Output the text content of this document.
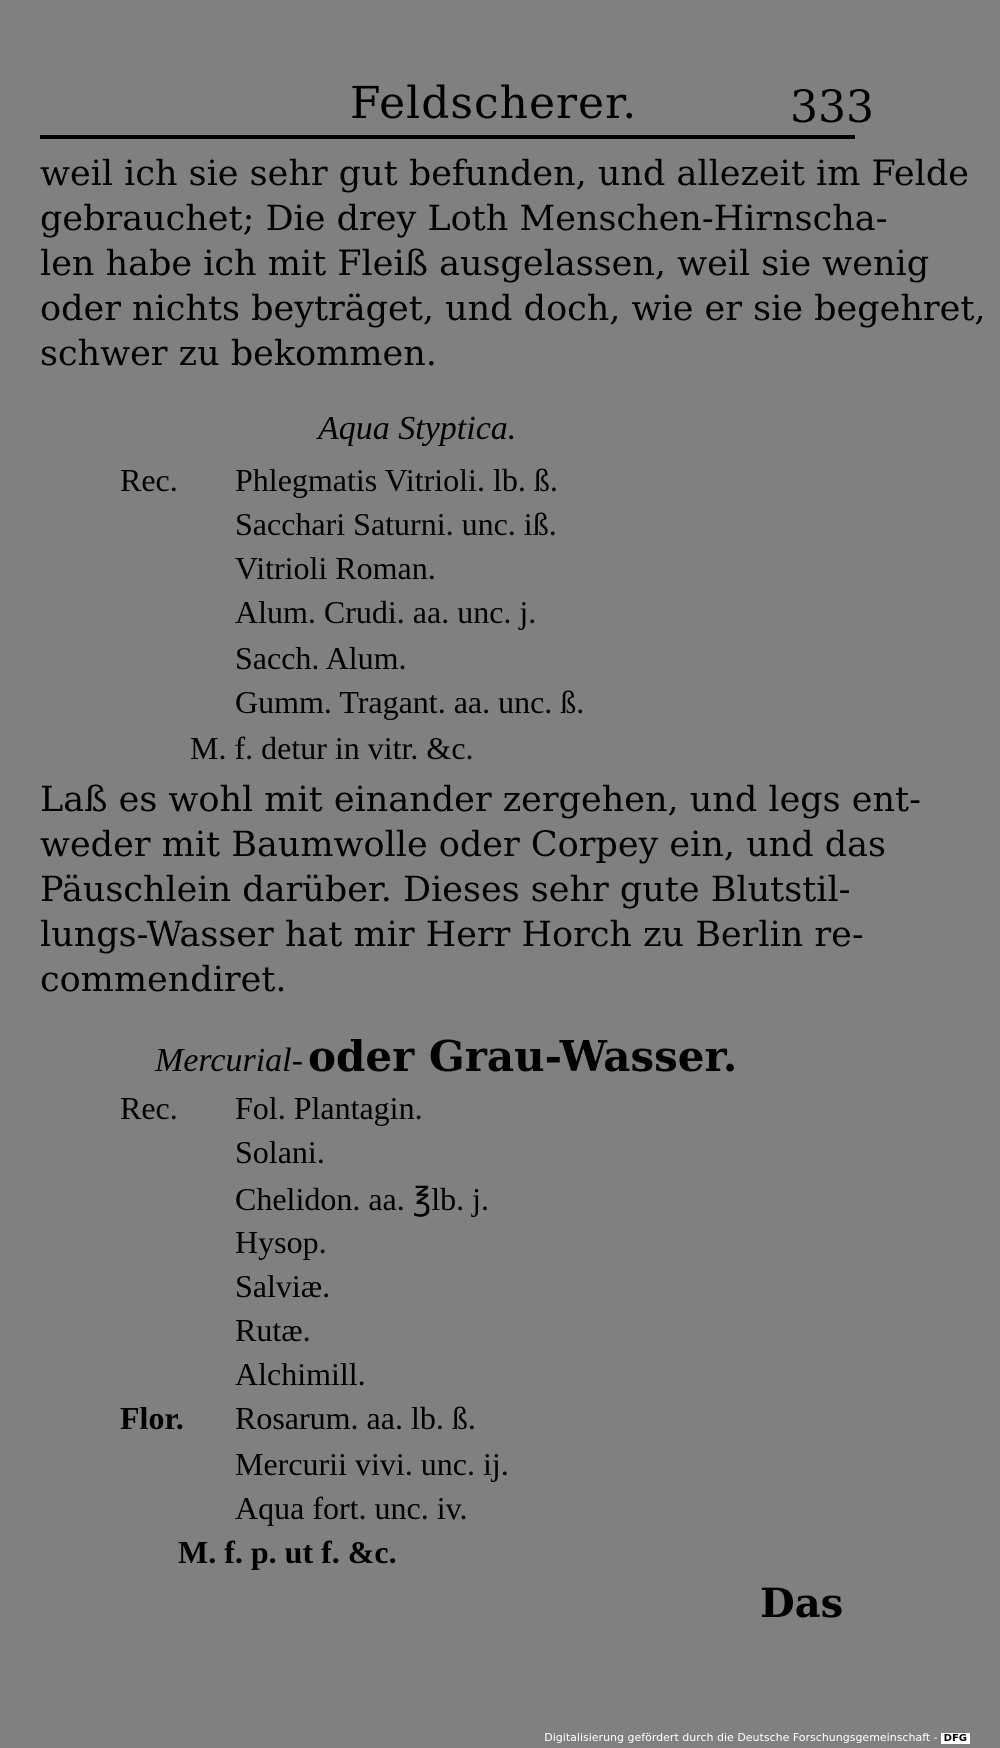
Feldscherer.	333
weil ich sie sehr gut befunden, und allezeit im Felde
gebrauchet; Die drey Loth Menschen-Hirnscha-
len habe ich mit Fleiß ausgelassen, weil sie wenig
oder nichts beyträget, und doch, wie er sie begehret,
schwer zu bekommen.
Aqua Styptica.
Rec. Phlegmatis Vitrioli. lb. ß.
Sacchari Saturni. unc. iß.
Vitrioli Roman.
Alum. Crudi. aa. unc. j.
Sacch. Alum.
Gumm. Tragant. aa. unc. ß.
M. f. detur in vitr. &c.
Laß es wohl mit einander zergehen, und legs ent-
weder mit Baumwolle oder Corpey ein, und das
Päuschlein darüber. Dieses sehr gute Blutstil-
lungs-Wasser hat mir Herr Horch zu Berlin re-
commendiret.
Mercurial- oder Grau-Wasser.
Rec. Fol. Plantagin.
Solani.
Chelidon. aa. ℥lb. j.
Hysop.
Salviæ.
Rutæ.
Alchimill.
Flor. Rosarum. aa. lb. ß.
Mercurii vivi. unc. ij.
Aqua fort. unc. iv.
M. f. p. ut f. &c.
Das
Digitalisierung gefördert durch die Deutsche Forschungsgemeinschaft - DFG
